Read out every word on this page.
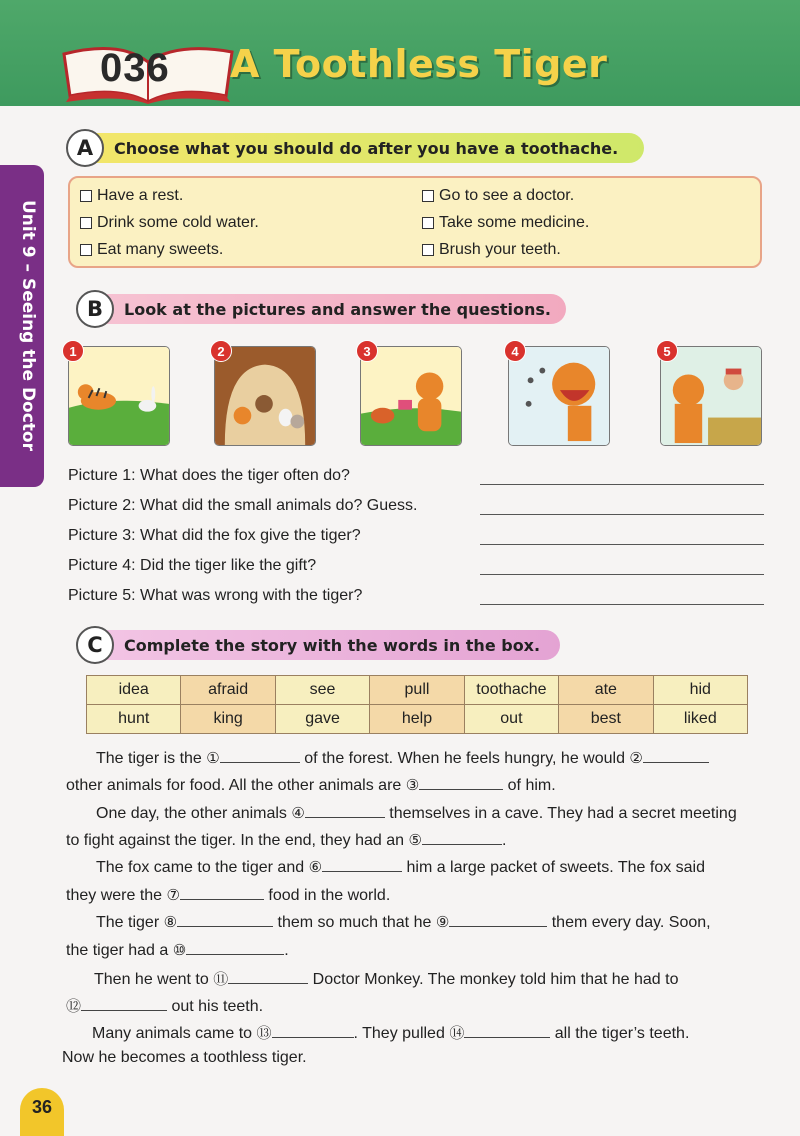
036 A Toothless Tiger
Unit 9 – Seeing the Doctor
A	Choose what you should do after you have a toothache.
Have a rest.
Drink some cold water.
Eat many sweets.
Go to see a doctor.
Take some medicine.
Brush your teeth.
B	Look at the pictures and answer the questions.
1	2	3	4	5
Picture 1: What does the tiger often do?
Picture 2: What did the small animals do? Guess.
Picture 3: What did the fox give the tiger?
Picture 4: Did the tiger like the gift?
Picture 5: What was wrong with the tiger?
C	Complete the story with the words in the box.
idea	afraid	see	pull	toothache	ate	hid
hunt	king	gave	help	out	best	liked
The tiger is the ①	of the forest. When he feels hungry, he would ②
other animals for food. All the other animals are ③	of him.
One day, the other animals ④	themselves in a cave. They had a secret meeting
to fight against the tiger. In the end, they had an ⑤	.
The fox came to the tiger and ⑥	him a large packet of sweets. The fox said
they were the ⑦	food in the world.
The tiger ⑧	them so much that he ⑨	them every day. Soon,
the tiger had a ⑩	.
Then he went to ⑪	Doctor Monkey. The monkey told him that he had to
⑫	out his teeth.
Many animals came to ⑬	. They pulled ⑭	all the tiger’s teeth.
Now he becomes a toothless tiger.
36
